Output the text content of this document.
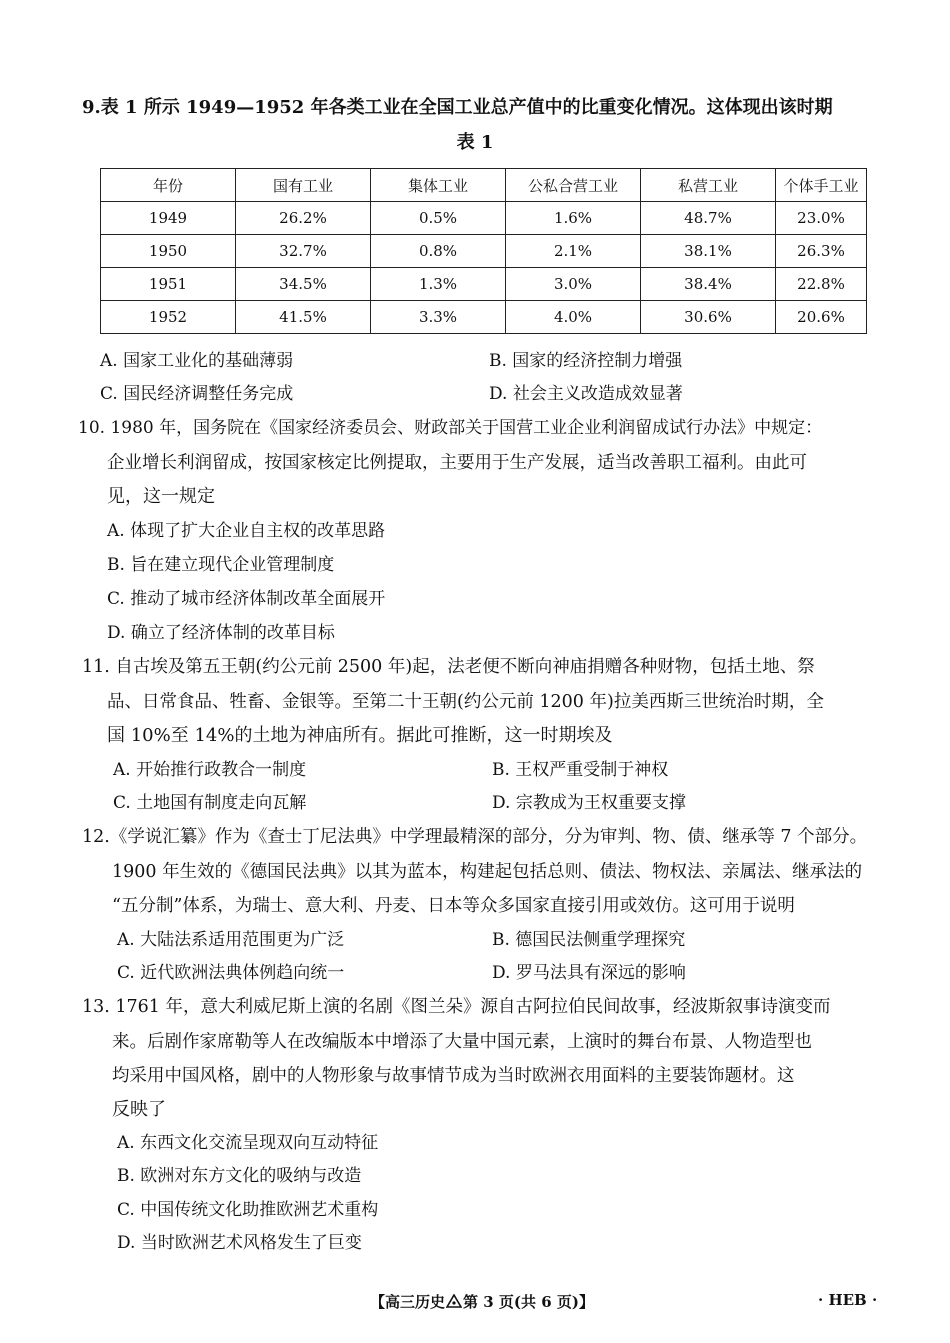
9.表 1 所示 1949—1952 年各类工业在全国工业总产值中的比重变化情况。这体现出该时期
表 1
年份	国有工业	集体工业	公私合营工业	私营工业	个体手工业
1949	26.2%	0.5%	1.6%	48.7%	23.0%
1950	32.7%	0.8%	2.1%	38.1%	26.3%
1951	34.5%	1.3%	3.0%	38.4%	22.8%
1952	41.5%	3.3%	4.0%	30.6%	20.6%
A. 国家工业化的基础薄弱	B. 国家的经济控制力增强
C. 国民经济调整任务完成	D. 社会主义改造成效显著
10. 1980 年，国务院在《国家经济委员会、财政部关于国营工业企业利润留成试行办法》中规定：
企业增长利润留成，按国家核定比例提取，主要用于生产发展，适当改善职工福利。由此可
见，这一规定
A. 体现了扩大企业自主权的改革思路
B. 旨在建立现代企业管理制度
C. 推动了城市经济体制改革全面展开
D. 确立了经济体制的改革目标
11. 自古埃及第五王朝(约公元前 2500 年)起，法老便不断向神庙捐赠各种财物，包括土地、祭
品、日常食品、牲畜、金银等。至第二十王朝(约公元前 1200 年)拉美西斯三世统治时期，全
国 10%至 14%的土地为神庙所有。据此可推断，这一时期埃及
A. 开始推行政教合一制度	B. 王权严重受制于神权
C. 土地国有制度走向瓦解	D. 宗教成为王权重要支撑
12.《学说汇纂》作为《查士丁尼法典》中学理最精深的部分，分为审判、物、债、继承等 7 个部分。
1900 年生效的《德国民法典》以其为蓝本，构建起包括总则、债法、物权法、亲属法、继承法的
“五分制”体系，为瑞士、意大利、丹麦、日本等众多国家直接引用或效仿。这可用于说明
A. 大陆法系适用范围更为广泛	B. 德国民法侧重学理探究
C. 近代欧洲法典体例趋向统一	D. 罗马法具有深远的影响
13. 1761 年，意大利威尼斯上演的名剧《图兰朵》源自古阿拉伯民间故事，经波斯叙事诗演变而
来。后剧作家席勒等人在改编版本中增添了大量中国元素，上演时的舞台布景、人物造型也
均采用中国风格，剧中的人物形象与故事情节成为当时欧洲衣用面料的主要装饰题材。这
反映了
A. 东西文化交流呈现双向互动特征
B. 欧洲对东方文化的吸纳与改造
C. 中国传统文化助推欧洲艺术重构
D. 当时欧洲艺术风格发生了巨变
【高三历史 第 3 页(共 6 页)】	· HEB ·
